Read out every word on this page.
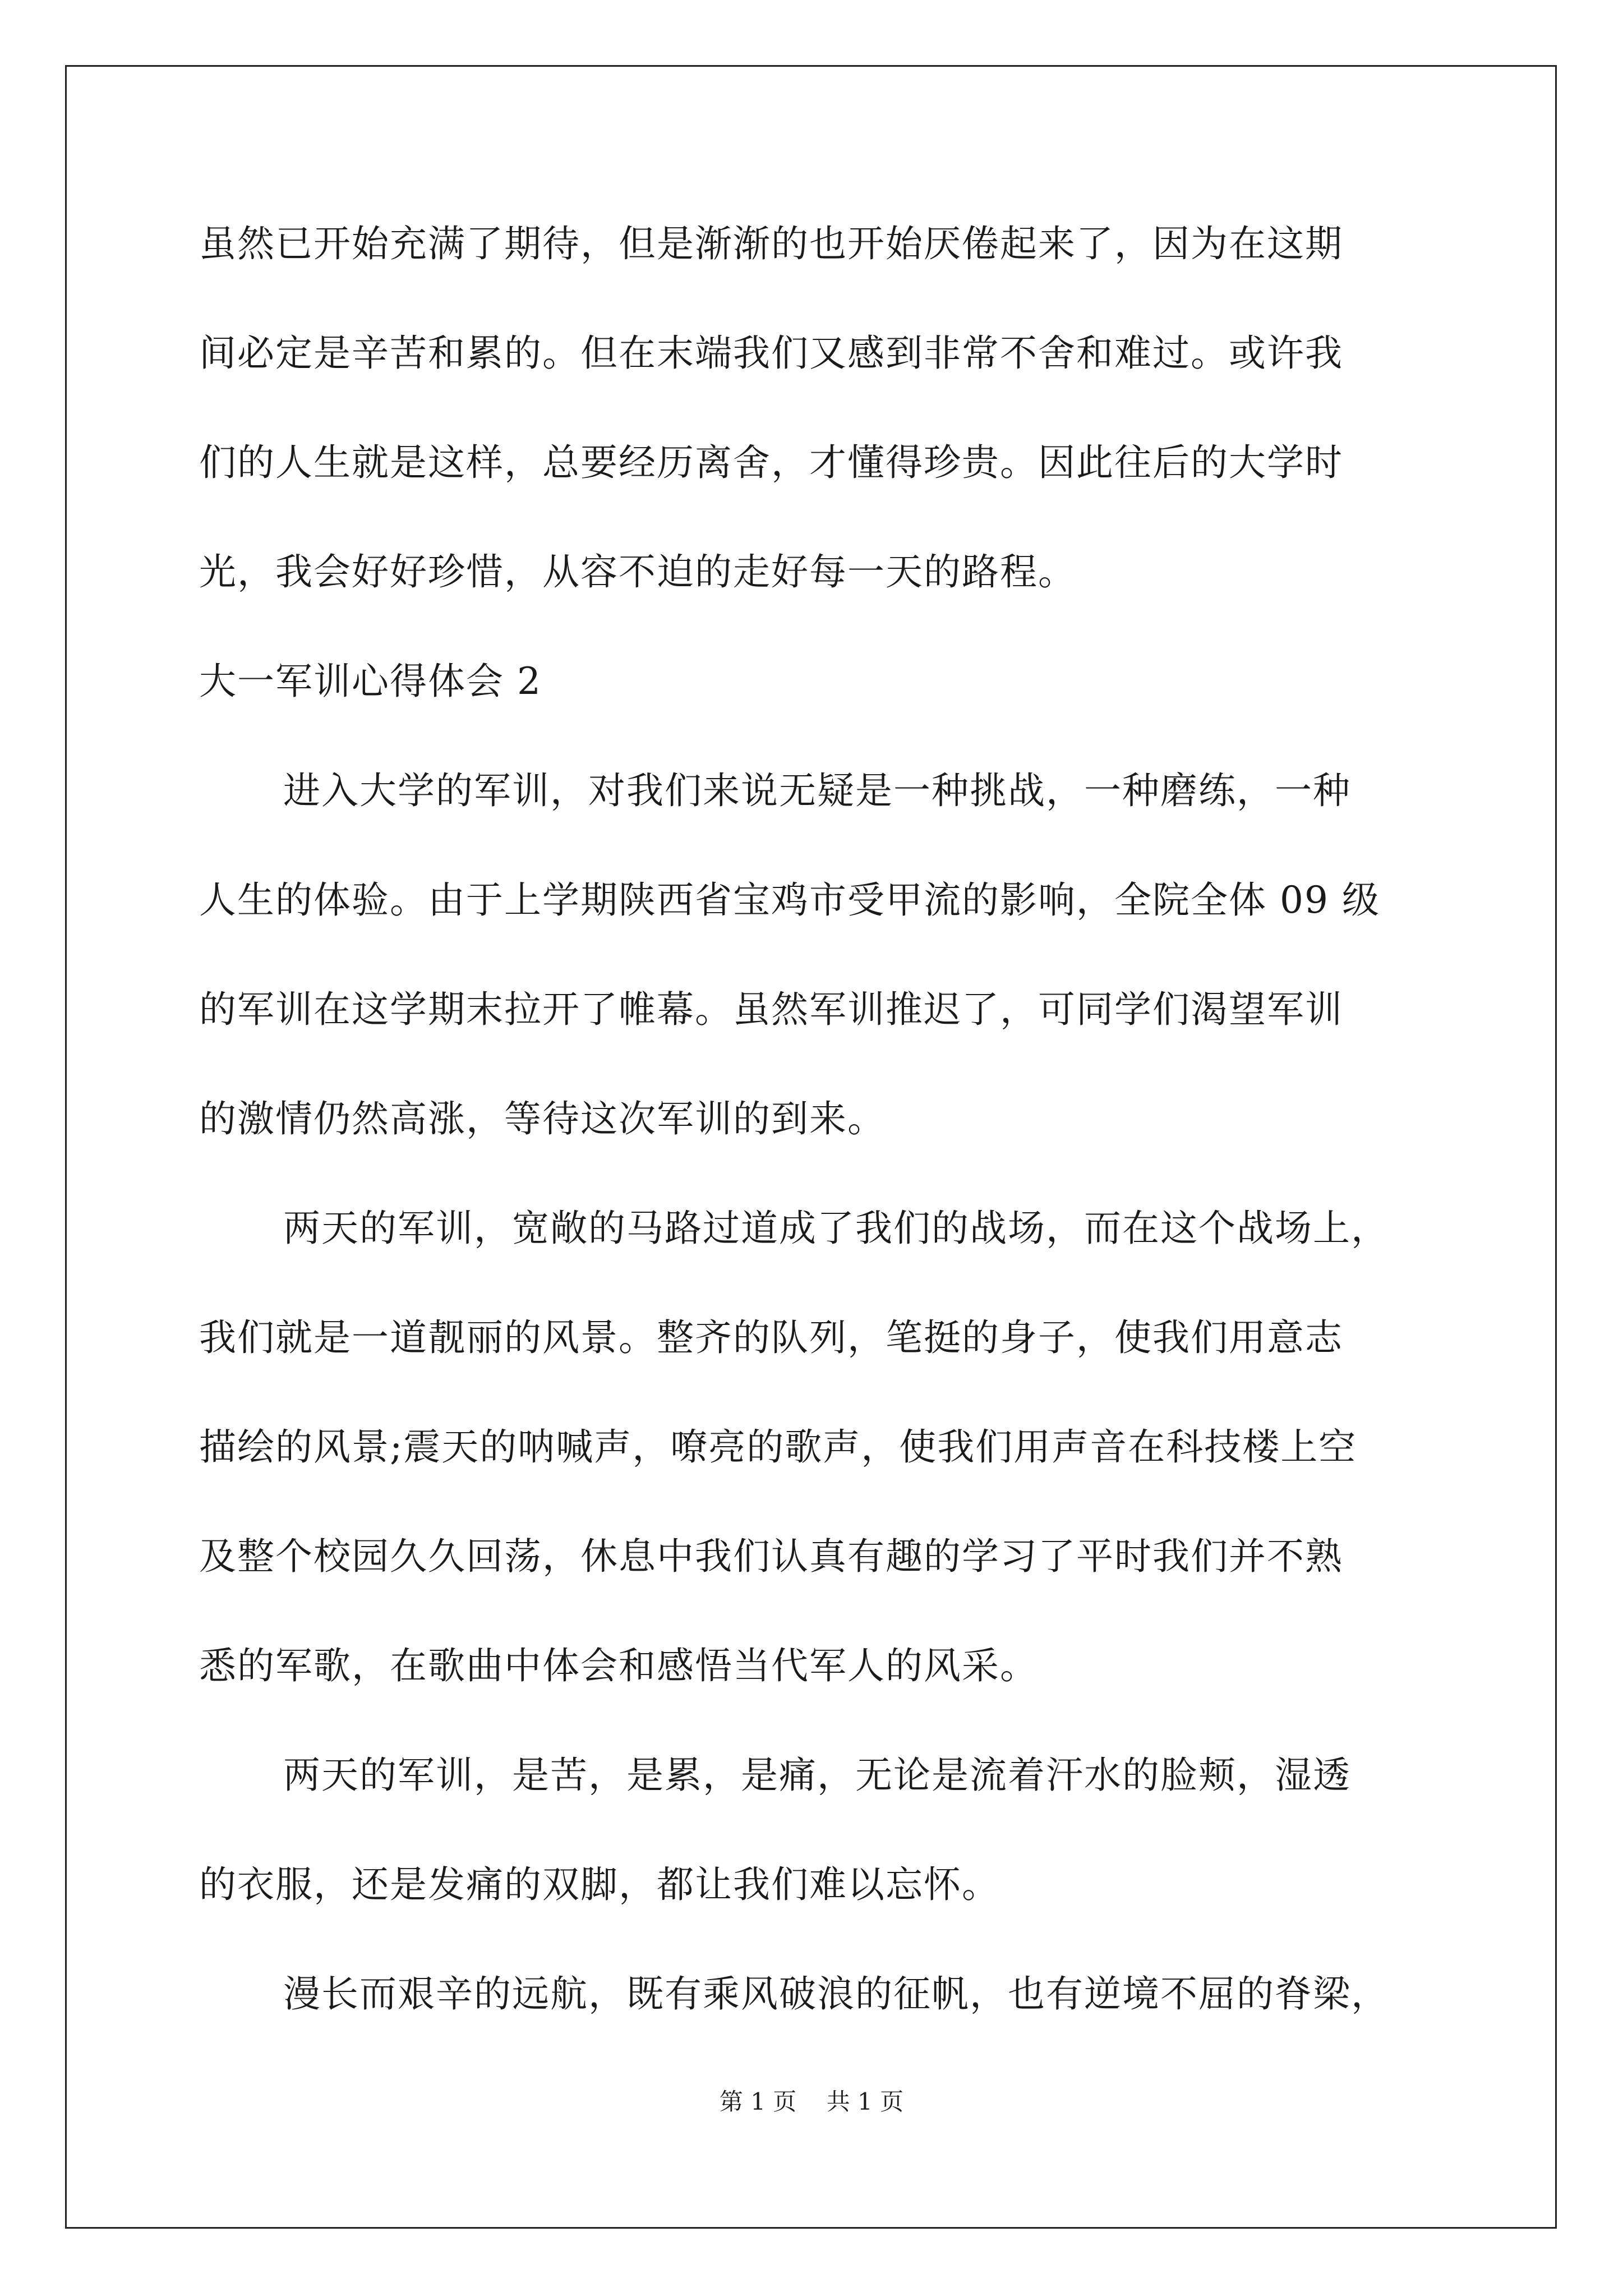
虽然已开始充满了期待，但是渐渐的也开始厌倦起来了，因为在这期
间必定是辛苦和累的。但在末端我们又感到非常不舍和难过。或许我
们的人生就是这样，总要经历离舍，才懂得珍贵。因此往后的大学时
光，我会好好珍惜，从容不迫的走好每一天的路程。
大一军训心得体会 2
进入大学的军训，对我们来说无疑是一种挑战，一种磨练，一种
人生的体验。由于上学期陕西省宝鸡市受甲流的影响，全院全体 09 级
的军训在这学期末拉开了帷幕。虽然军训推迟了，可同学们渴望军训
的激情仍然高涨，等待这次军训的到来。
两天的军训，宽敞的马路过道成了我们的战场，而在这个战场上，
我们就是一道靓丽的风景。整齐的队列，笔挺的身子，使我们用意志
描绘的风景;震天的呐喊声，嘹亮的歌声，使我们用声音在科技楼上空
及整个校园久久回荡，休息中我们认真有趣的学习了平时我们并不熟
悉的军歌，在歌曲中体会和感悟当代军人的风采。
两天的军训，是苦，是累，是痛，无论是流着汗水的脸颊，湿透
的衣服，还是发痛的双脚，都让我们难以忘怀。
漫长而艰辛的远航，既有乘风破浪的征帆，也有逆境不屈的脊梁，
第 1 页    共 1 页
